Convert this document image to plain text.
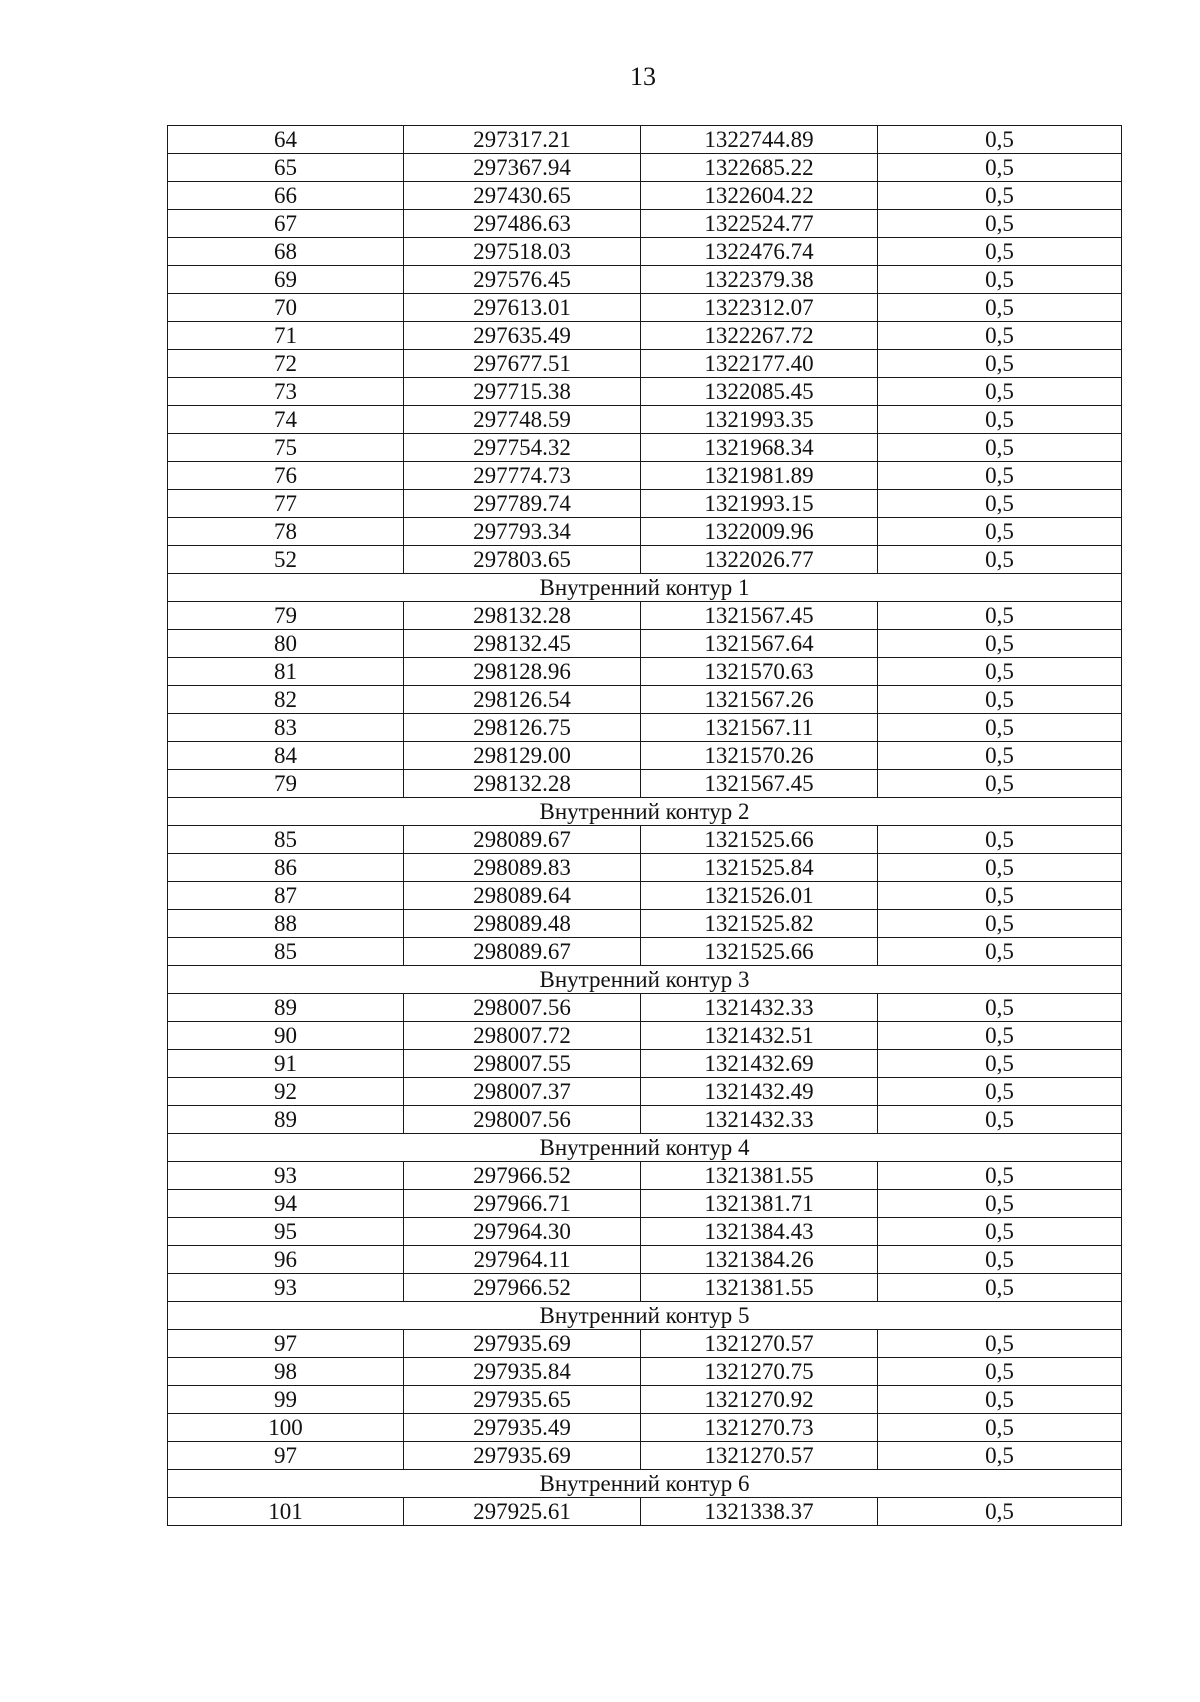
13
64	297317.21	1322744.89	0,5
65	297367.94	1322685.22	0,5
66	297430.65	1322604.22	0,5
67	297486.63	1322524.77	0,5
68	297518.03	1322476.74	0,5
69	297576.45	1322379.38	0,5
70	297613.01	1322312.07	0,5
71	297635.49	1322267.72	0,5
72	297677.51	1322177.40	0,5
73	297715.38	1322085.45	0,5
74	297748.59	1321993.35	0,5
75	297754.32	1321968.34	0,5
76	297774.73	1321981.89	0,5
77	297789.74	1321993.15	0,5
78	297793.34	1322009.96	0,5
52	297803.65	1322026.77	0,5
Внутренний контур 1			
79	298132.28	1321567.45	0,5
80	298132.45	1321567.64	0,5
81	298128.96	1321570.63	0,5
82	298126.54	1321567.26	0,5
83	298126.75	1321567.11	0,5
84	298129.00	1321570.26	0,5
79	298132.28	1321567.45	0,5
Внутренний контур 2			
85	298089.67	1321525.66	0,5
86	298089.83	1321525.84	0,5
87	298089.64	1321526.01	0,5
88	298089.48	1321525.82	0,5
85	298089.67	1321525.66	0,5
Внутренний контур 3			
89	298007.56	1321432.33	0,5
90	298007.72	1321432.51	0,5
91	298007.55	1321432.69	0,5
92	298007.37	1321432.49	0,5
89	298007.56	1321432.33	0,5
Внутренний контур 4			
93	297966.52	1321381.55	0,5
94	297966.71	1321381.71	0,5
95	297964.30	1321384.43	0,5
96	297964.11	1321384.26	0,5
93	297966.52	1321381.55	0,5
Внутренний контур 5			
97	297935.69	1321270.57	0,5
98	297935.84	1321270.75	0,5
99	297935.65	1321270.92	0,5
100	297935.49	1321270.73	0,5
97	297935.69	1321270.57	0,5
Внутренний контур 6			
101	297925.61	1321338.37	0,5
